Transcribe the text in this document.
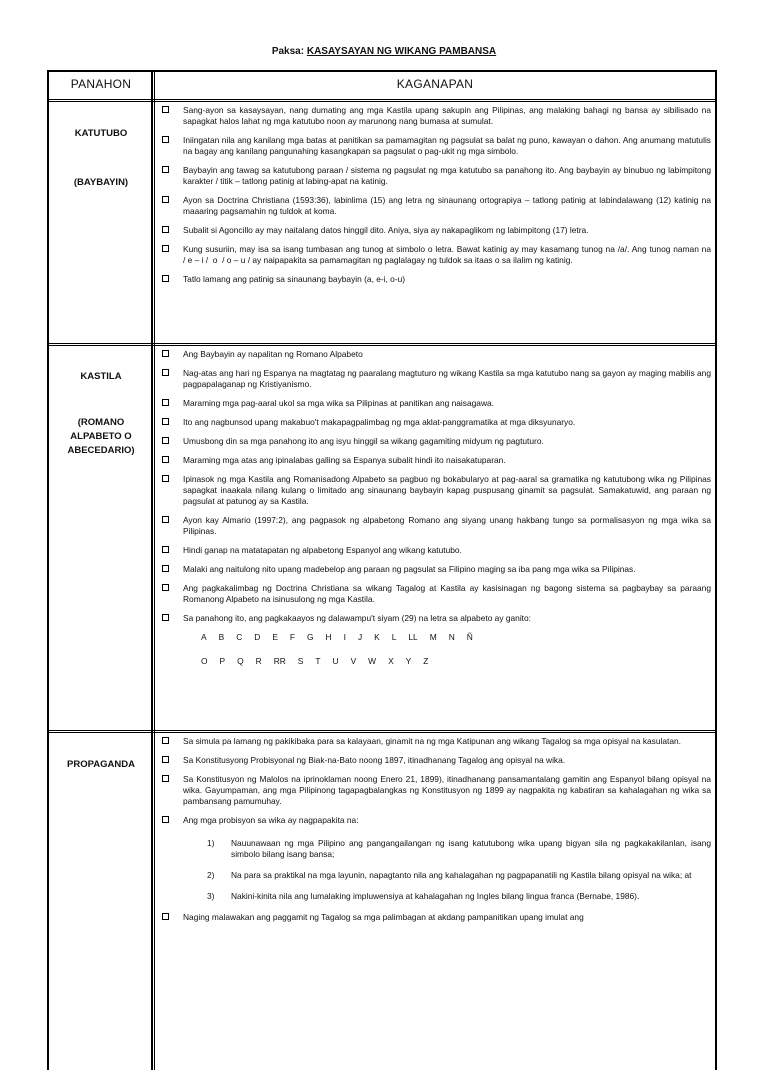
Paksa: KASAYSAYAN NG WIKANG PAMBANSA
PANAHON	KAGANAPAN
KATUTUBO
(BAYBAYIN)
Sang-ayon sa kasaysayan, nang dumating ang mga Kastila upang sakupin ang Pilipinas, ang malaking bahagi ng bansa ay sibilisado na sapagkat halos lahat ng mga katutubo noon ay marunong nang bumasa at sumulat.
Iniingatan nila ang kanilang mga batas at panitikan sa pamamagitan ng pagsulat sa balat ng puno, kawayan o dahon. Ang anumang matutulis na bagay ang kanilang pangunahing kasangkapan sa pagsulat o pag-ukit ng mga simbolo.
Baybayin ang tawag sa katutubong paraan / sistema ng pagsulat ng mga katutubo sa panahong ito. Ang baybayin ay binubuo ng labimpitong karakter / titik – tatlong patinig at labing-apat na katinig.
Ayon sa Doctrina Christiana (1593:36), labinlima (15) ang letra ng sinaunang ortograpiya – tatlong patinig at labindalawang (12) katinig na maaaring pagsamahin ng tuldok at koma.
Subalit si Agoncillo ay may naitalang datos hinggil dito. Aniya, siya ay nakapaglikom ng labimpitong (17) letra.
Kung susuriin, may isa sa isang tumbasan ang tunog at simbolo o letra. Bawat katinig ay may kasamang tunog na /a/. Ang tunog naman na                   / e – i /  o  / o – u / ay naipapakita sa pamamagitan ng paglalagay ng tuldok sa itaas o sa ilalim ng katinig.
Tatlo lamang ang patinig sa sinaunang baybayin (a, e-i, o-u)
KASTILA
(ROMANO ALPABETO O ABECEDARIO)
Ang Baybayin ay napalitan ng Romano Alpabeto
Nag-atas ang hari ng Espanya na magtatag ng paaralang magtuturo ng wikang Kastila sa mga katutubo nang sa gayon ay maging mabilis ang pagpapalaganap ng Kristiyanismo.
Maraming mga pag-aaral ukol sa mga wika sa Pilipinas at panitikan ang naisagawa.
Ito ang nagbunsod upang makabuo't makapagpalimbag ng mga aklat-panggramatika at mga diksyunaryo.
Umusbong din sa mga panahong ito ang isyu hinggil sa wikang gagamiting midyum ng pagtuturo.
Maraming mga atas ang ipinalabas galling sa Espanya subalit hindi ito naisakatuparan.
Ipinasok ng mga Kastila ang Romanisadong Alpabeto sa pagbuo ng bokabularyo at pag-aaral sa gramatika ng katutubong wika ng Pilipinas sapagkat inaakala nilang kulang o limitado ang sinaunang baybayin kapag puspusang ginamit sa pagsulat. Samakatuwid, ang paraan ng pagsulat at patunog ay sa Kastila.
Ayon kay Almario (1997:2), ang pagpasok ng alpabetong Romano ang siyang unang hakbang tungo sa pormalisasyon ng mga wika sa Pilipinas.
Hindi ganap na matatapatan ng alpabetong Espanyol ang wikang katutubo.
Malaki ang naitulong nito upang madebelop ang paraan ng pagsulat sa Filipino maging sa iba pang mga wika sa Pilipinas.
Ang pagkakalimbag ng Doctrina Christiana sa wikang Tagalog at Kastila ay kasisinagan ng bagong sistema sa pagbaybay sa paraang Romanong Alpabeto na isinusulong ng mga Kastila.
Sa panahong ito, ang pagkakaayos ng dalawampu't siyam (29) na letra sa alpabeto ay ganito:
A B C D E F G H I J K L LL M N Ñ
O P Q R RR S T U V W X Y Z
PROPAGANDA
Sa simula pa lamang ng pakikibaka para sa kalayaan, ginamit na ng mga Katipunan ang wikang Tagalog sa mga opisyal na kasulatan.
Sa Konstitusyong Probisyonal ng Biak-na-Bato noong 1897, itinadhanang Tagalog ang opisyal na wika.
Sa Konstitusyon ng Malolos na iprinoklaman noong Enero 21, 1899), itinadhanang pansamantalang gamitin ang Espanyol bilang opisyal na wika. Gayumpaman, ang mga Pilipinong tagapagbalangkas ng Konstitusyon ng 1899 ay nagpakita ng kabatiran sa kahalagahan ng wika sa pambansang pamumuhay.
Ang mga probisyon sa wika ay nagpapakita na:
1) Nauunawaan ng mga Pilipino ang pangangailangan ng isang katutubong wika upang bigyan sila ng pagkakakilanlan, isang simbolo bilang isang bansa;
2) Na para sa praktikal na mga layunin, napagtanto nila ang kahalagahan ng pagpapanatili ng Kastila bilang opisyal na wika; at
3) Nakini-kinita nila ang lumalaking impluwensiya at kahalagahan ng Ingles bilang lingua franca (Bernabe, 1986).
Naging malawakan ang paggamit ng Tagalog sa mga palimbagan at akdang pampanitikan upang imulat ang
